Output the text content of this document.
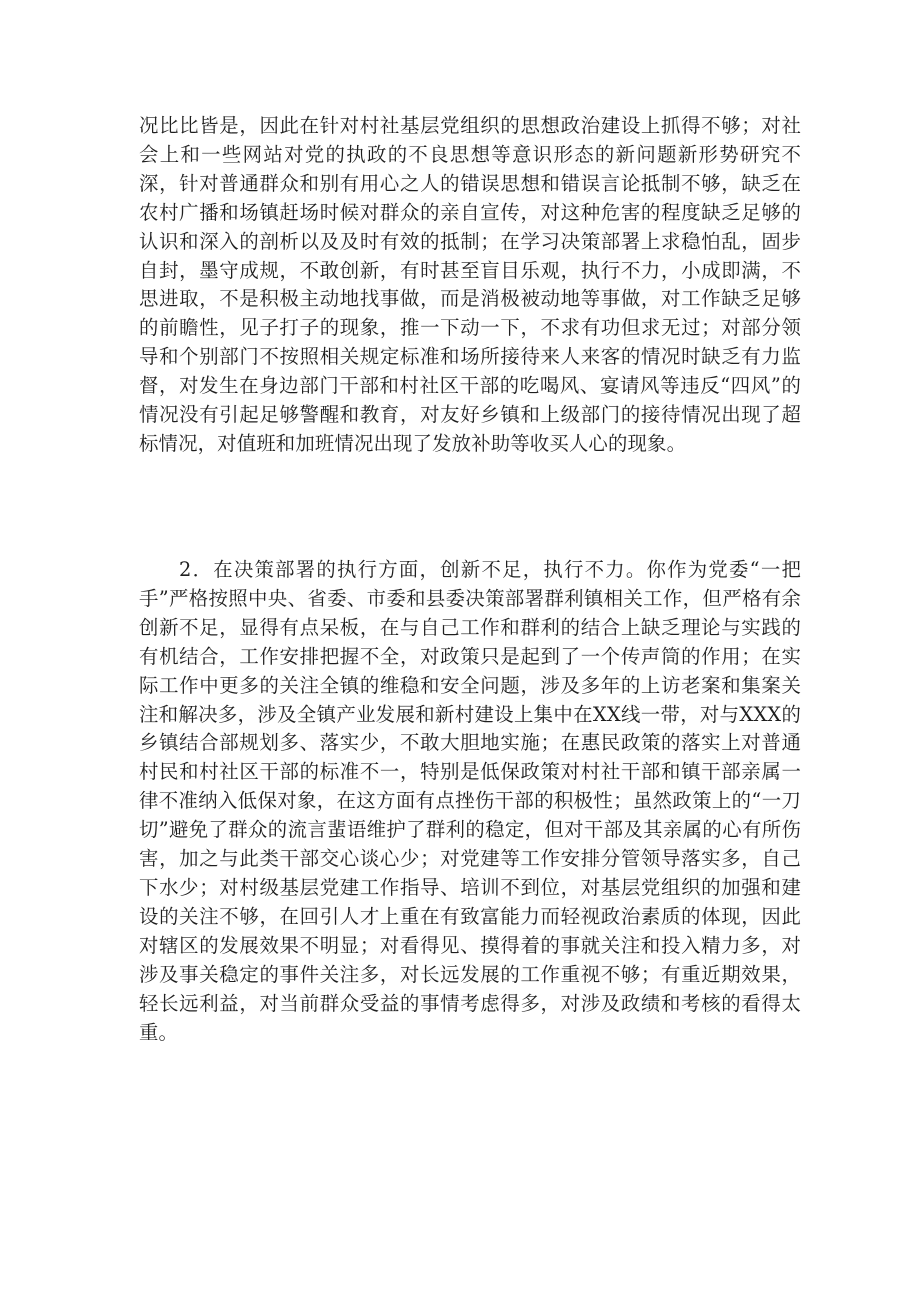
况比比皆是，因此在针对村社基层党组织的思想政治建设上抓得不够；对社会上和一些网站对党的执政的不良思想等意识形态的新问题新形势研究不深，针对普通群众和别有用心之人的错误思想和错误言论抵制不够，缺乏在农村广播和场镇赶场时候对群众的亲自宣传，对这种危害的程度缺乏足够的认识和深入的剖析以及及时有效的抵制；在学习决策部署上求稳怕乱，固步自封，墨守成规，不敢创新，有时甚至盲目乐观，执行不力，小成即满，不思进取，不是积极主动地找事做，而是消极被动地等事做，对工作缺乏足够的前瞻性，见子打子的现象，推一下动一下，不求有功但求无过；对部分领导和个别部门不按照相关规定标准和场所接待来人来客的情况时缺乏有力监督，对发生在身边部门干部和村社区干部的吃喝风、宴请风等违反“四风”的情况没有引起足够警醒和教育，对友好乡镇和上级部门的接待情况出现了超标情况，对值班和加班情况出现了发放补助等收买人心的现象。

2．在决策部署的执行方面，创新不足，执行不力。你作为党委“一把手”严格按照中央、省委、市委和县委决策部署群利镇相关工作，但严格有余创新不足，显得有点呆板，在与自己工作和群利的结合上缺乏理论与实践的有机结合，工作安排把握不全，对政策只是起到了一个传声筒的作用；在实际工作中更多的关注全镇的维稳和安全问题，涉及多年的上访老案和集案关注和解决多，涉及全镇产业发展和新村建设上集中在XX线一带，对与XXX的乡镇结合部规划多、落实少，不敢大胆地实施；在惠民政策的落实上对普通村民和村社区干部的标准不一，特别是低保政策对村社干部和镇干部亲属一律不准纳入低保对象，在这方面有点挫伤干部的积极性；虽然政策上的“一刀切”避免了群众的流言蜚语维护了群利的稳定，但对干部及其亲属的心有所伤害，加之与此类干部交心谈心少；对党建等工作安排分管领导落实多，自己下水少；对村级基层党建工作指导、培训不到位，对基层党组织的加强和建设的关注不够，在回引人才上重在有致富能力而轻视政治素质的体现，因此对辖区的发展效果不明显；对看得见、摸得着的事就关注和投入精力多，对涉及事关稳定的事件关注多，对长远发展的工作重视不够；有重近期效果，轻长远利益，对当前群众受益的事情考虑得多，对涉及政绩和考核的看得太重。
